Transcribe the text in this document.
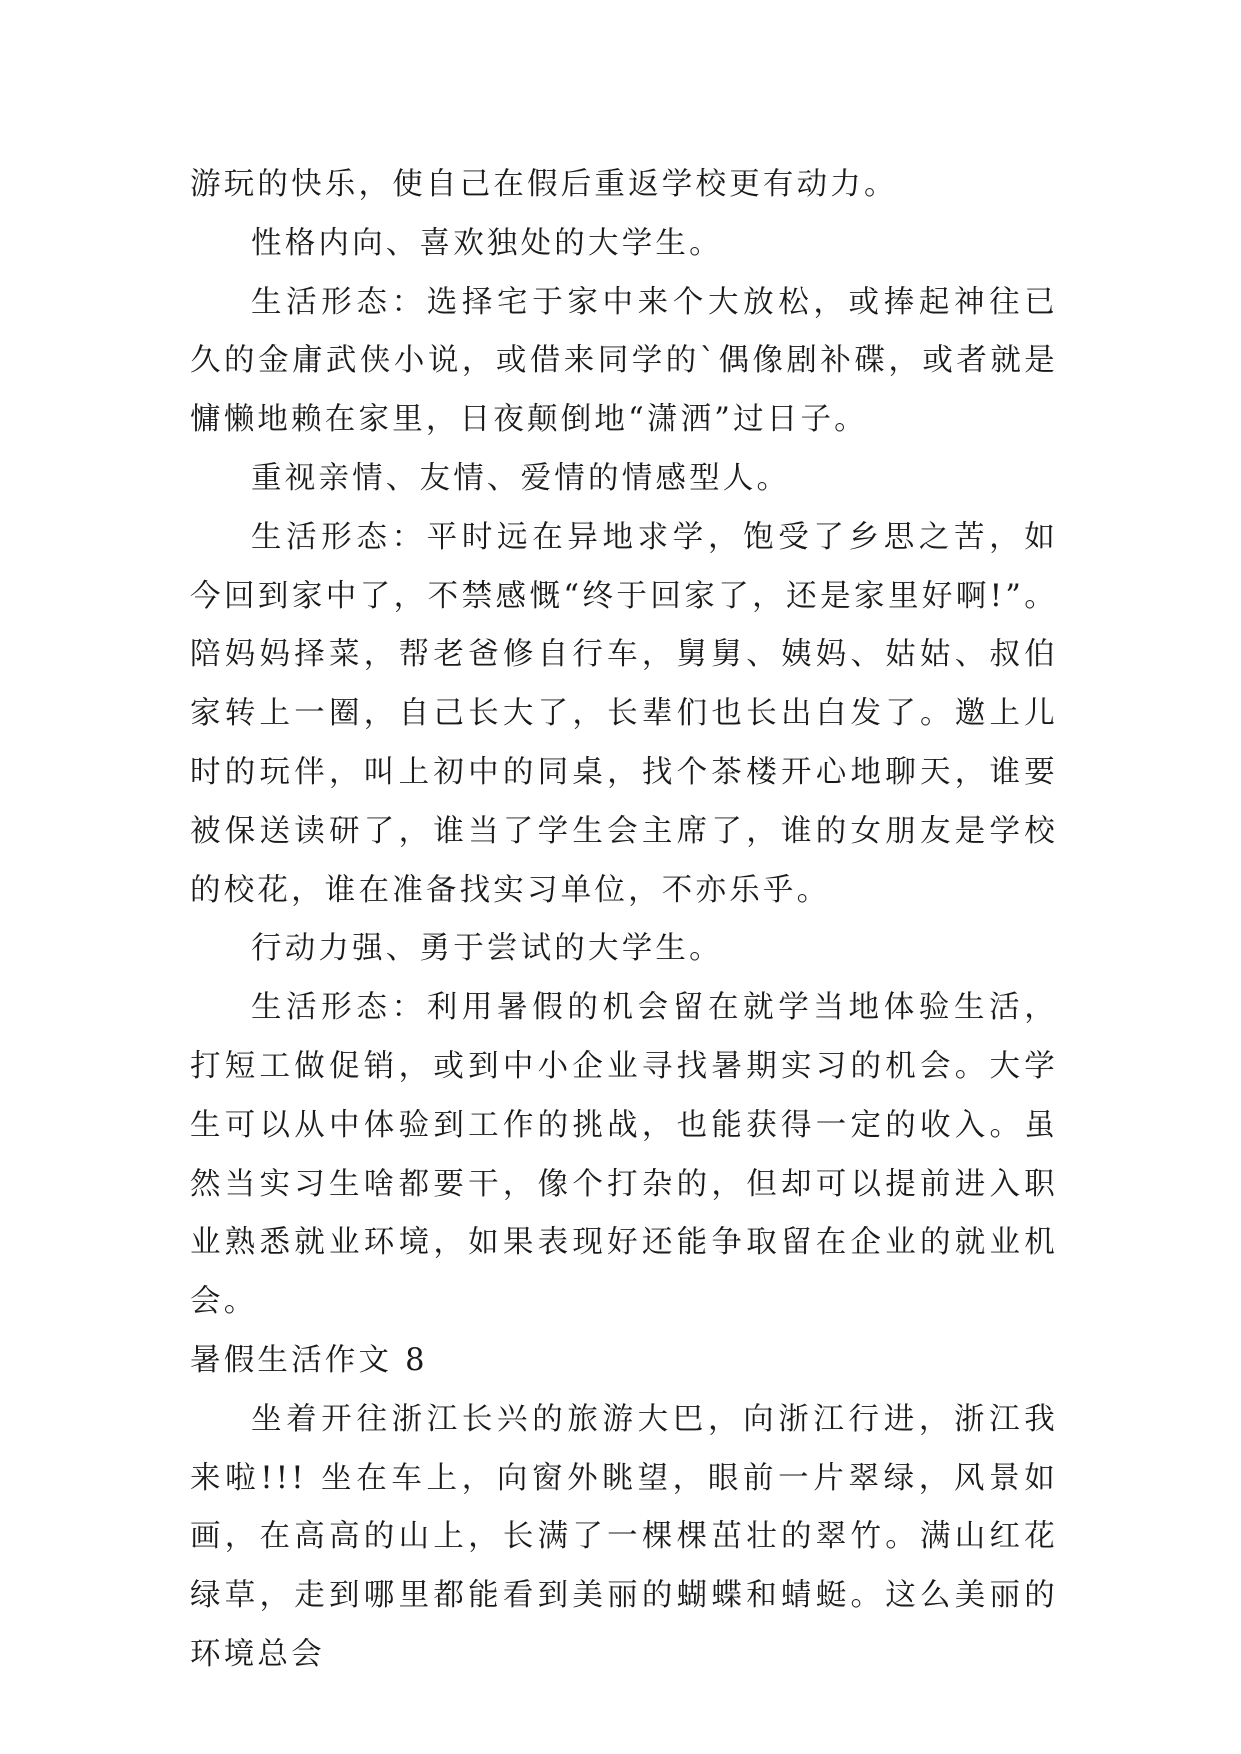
游玩的快乐，使自己在假后重返学校更有动力。

性格内向、喜欢独处的大学生。

生活形态：选择宅于家中来个大放松，或捧起神往已久的金庸武侠小说，或借来同学的`偶像剧补碟，或者就是慵懒地赖在家里，日夜颠倒地“潇洒”过日子。

重视亲情、友情、爱情的情感型人。

生活形态：平时远在异地求学，饱受了乡思之苦，如今回到家中了，不禁感慨“终于回家了，还是家里好啊!”。陪妈妈择菜，帮老爸修自行车，舅舅、姨妈、姑姑、叔伯家转上一圈，自己长大了，长辈们也长出白发了。邀上儿时的玩伴，叫上初中的同桌，找个茶楼开心地聊天，谁要被保送读研了，谁当了学生会主席了，谁的女朋友是学校的校花，谁在准备找实习单位，不亦乐乎。

行动力强、勇于尝试的大学生。

生活形态：利用暑假的机会留在就学当地体验生活，打短工做促销，或到中小企业寻找暑期实习的机会。大学生可以从中体验到工作的挑战，也能获得一定的收入。虽然当实习生啥都要干，像个打杂的，但却可以提前进入职业熟悉就业环境，如果表现好还能争取留在企业的就业机会。

暑假生活作文 8

坐着开往浙江长兴的旅游大巴，向浙江行进，浙江我来啦!!! 坐在车上，向窗外眺望，眼前一片翠绿，风景如画，在高高的山上，长满了一棵棵茁壮的翠竹。满山红花绿草，走到哪里都能看到美丽的蝴蝶和蜻蜓。这么美丽的环境总会
